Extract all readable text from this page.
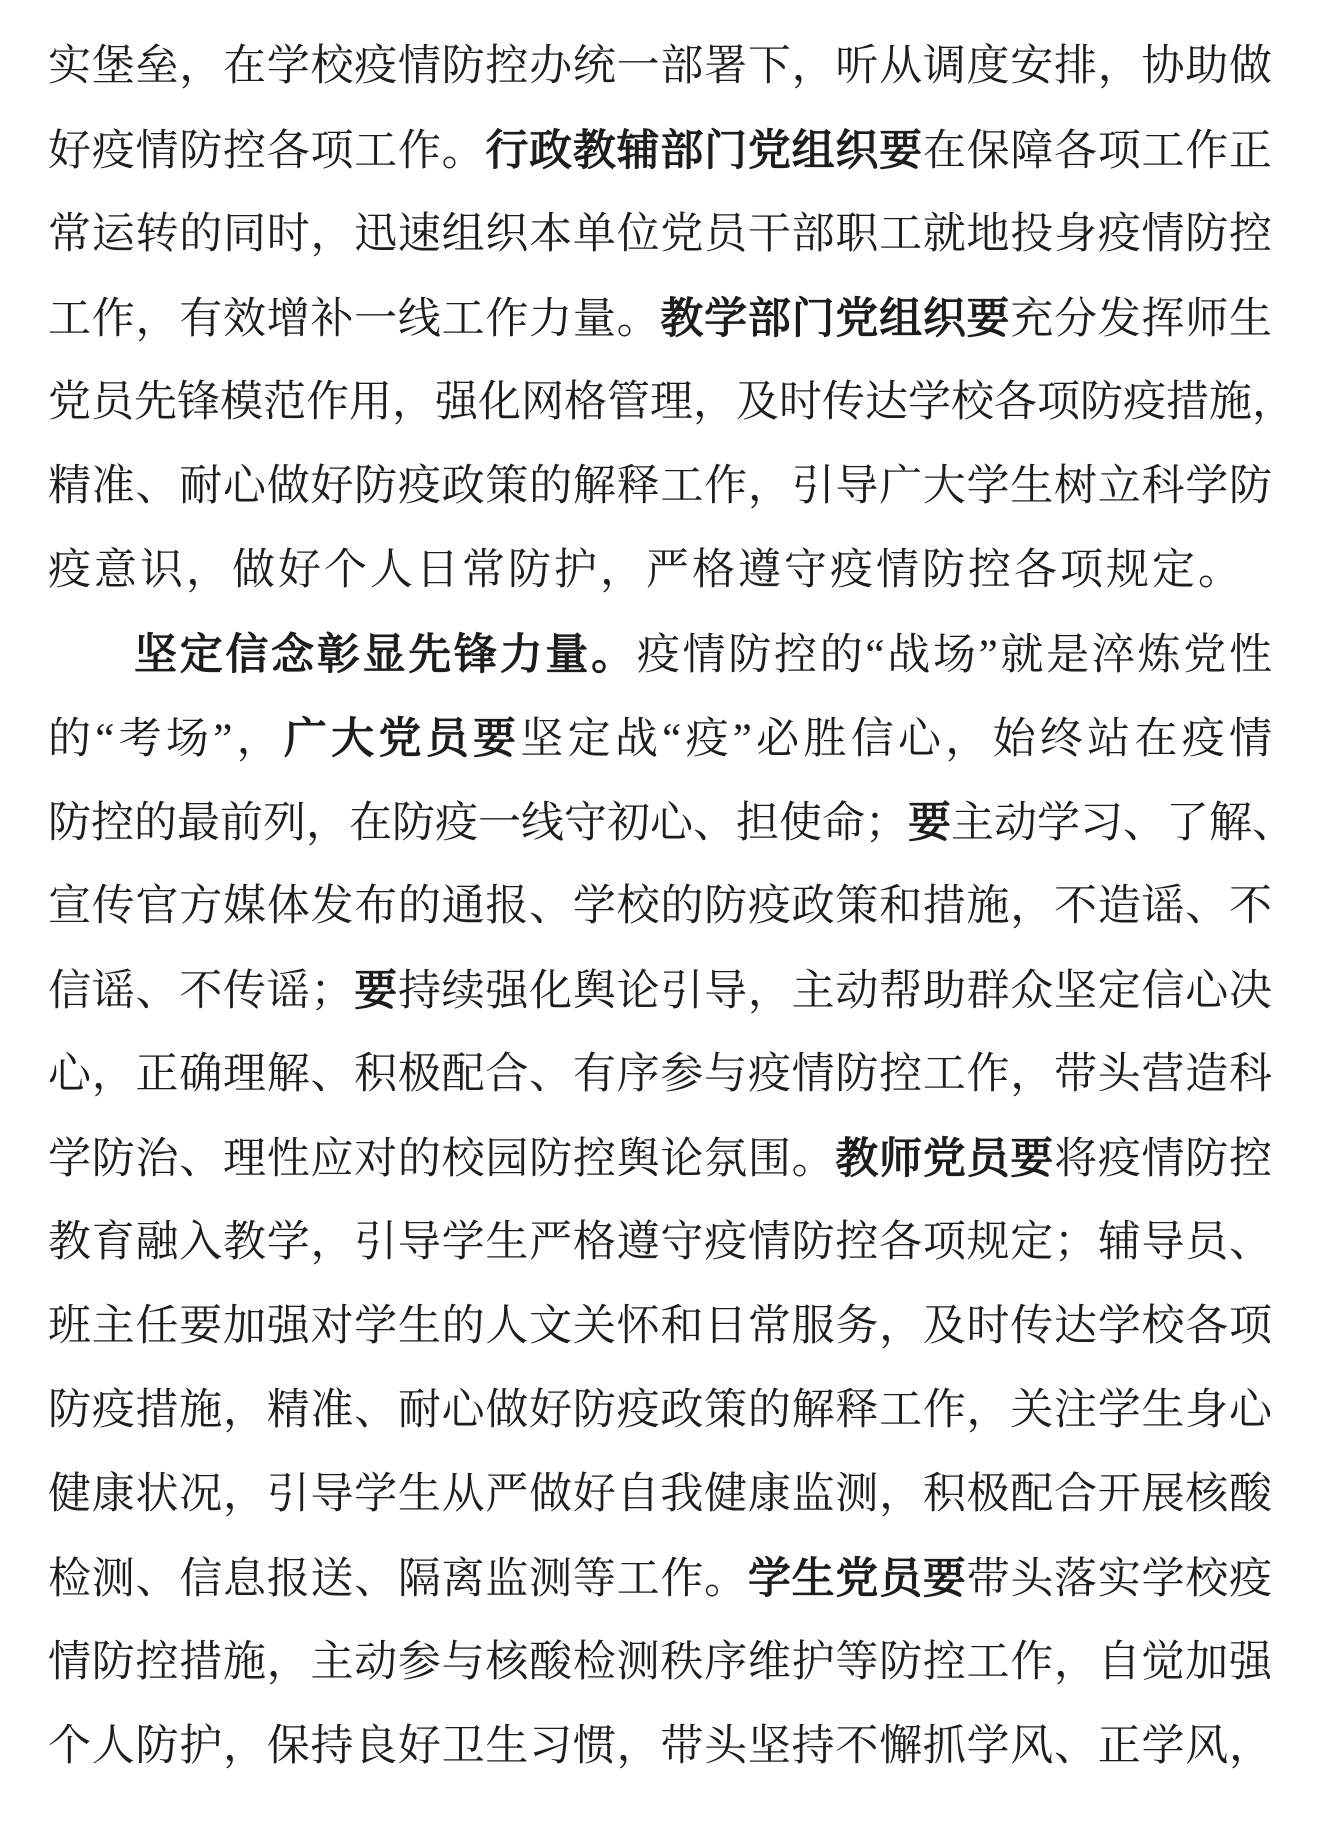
实堡垒，在学校疫情防控办统一部署下，听从调度安排，协助做
好疫情防控各项工作。行政教辅部门党组织要在保障各项工作正
常运转的同时，迅速组织本单位党员干部职工就地投身疫情防控
工作，有效增补一线工作力量。教学部门党组织要充分发挥师生
党员先锋模范作用，强化网格管理，及时传达学校各项防疫措施，
精准、耐心做好防疫政策的解释工作，引导广大学生树立科学防
疫意识，做好个人日常防护，严格遵守疫情防控各项规定。
坚定信念彰显先锋力量。疫情防控的“战场”就是淬炼党性
的“考场”，广大党员要坚定战“疫”必胜信心，始终站在疫情
防控的最前列，在防疫一线守初心、担使命；要主动学习、了解、
宣传官方媒体发布的通报、学校的防疫政策和措施，不造谣、不
信谣、不传谣；要持续强化舆论引导，主动帮助群众坚定信心决
心，正确理解、积极配合、有序参与疫情防控工作，带头营造科
学防治、理性应对的校园防控舆论氛围。教师党员要将疫情防控
教育融入教学，引导学生严格遵守疫情防控各项规定；辅导员、
班主任要加强对学生的人文关怀和日常服务，及时传达学校各项
防疫措施，精准、耐心做好防疫政策的解释工作，关注学生身心
健康状况，引导学生从严做好自我健康监测，积极配合开展核酸
检测、信息报送、隔离监测等工作。学生党员要带头落实学校疫
情防控措施，主动参与核酸检测秩序维护等防控工作，自觉加强
个人防护，保持良好卫生习惯，带头坚持不懈抓学风、正学风，
